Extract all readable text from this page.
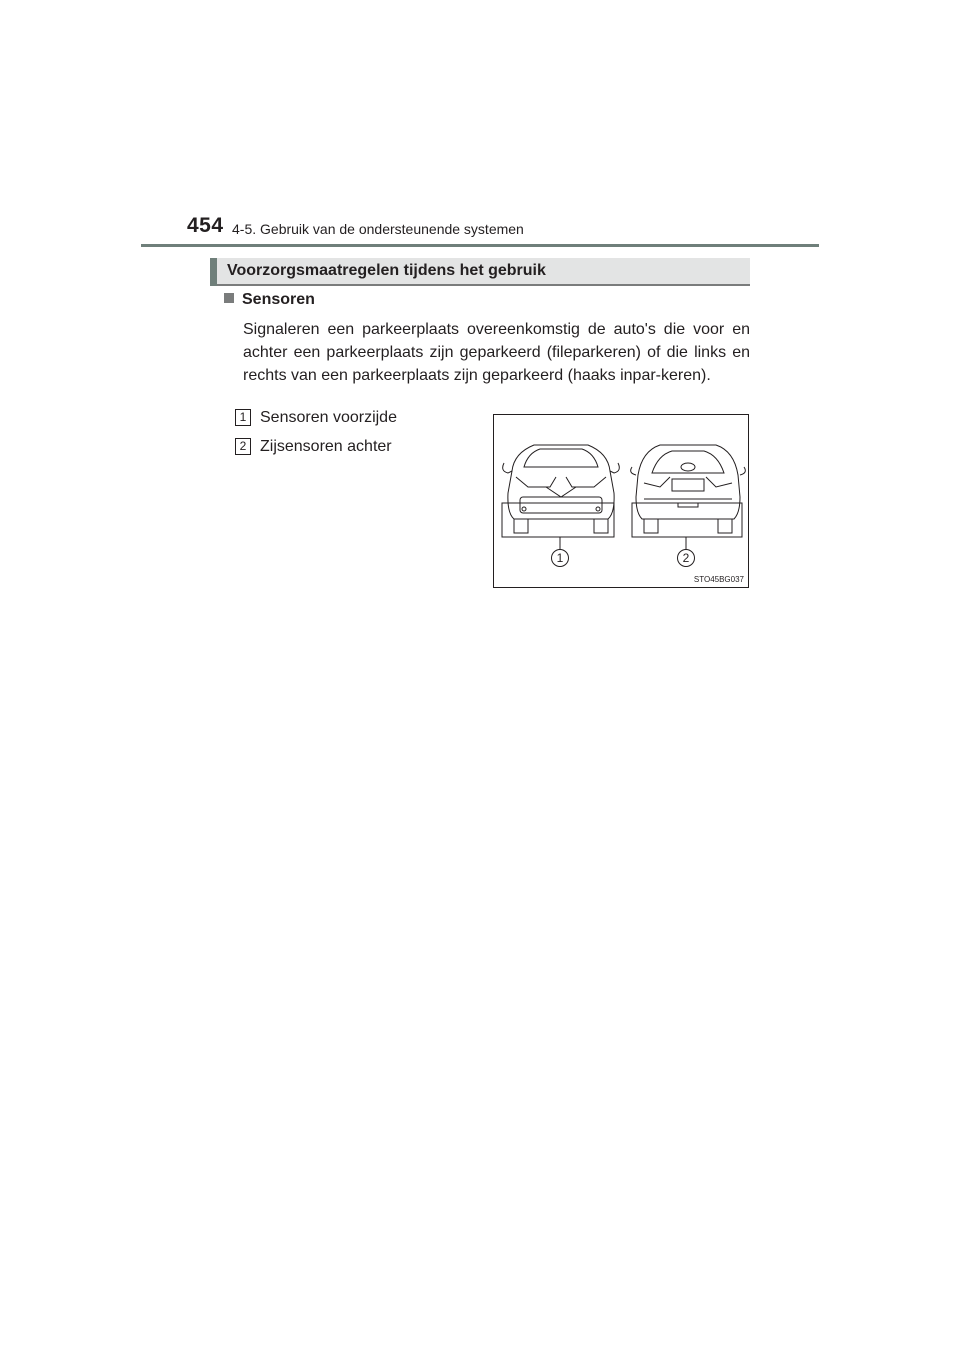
454 4-5. Gebruik van de ondersteunende systemen
Voorzorgsmaatregelen tijdens het gebruik
Sensoren

Signaleren een parkeerplaats overeenkomstig de auto's die voor en achter een parkeerplaats zijn geparkeerd (fileparkeren) of die links en rechts van een parkeerplaats zijn geparkeerd (haaks inpar-keren).

1 Sensoren voorzijde
2 Zijsensoren achter
1	2
STO45BG037
